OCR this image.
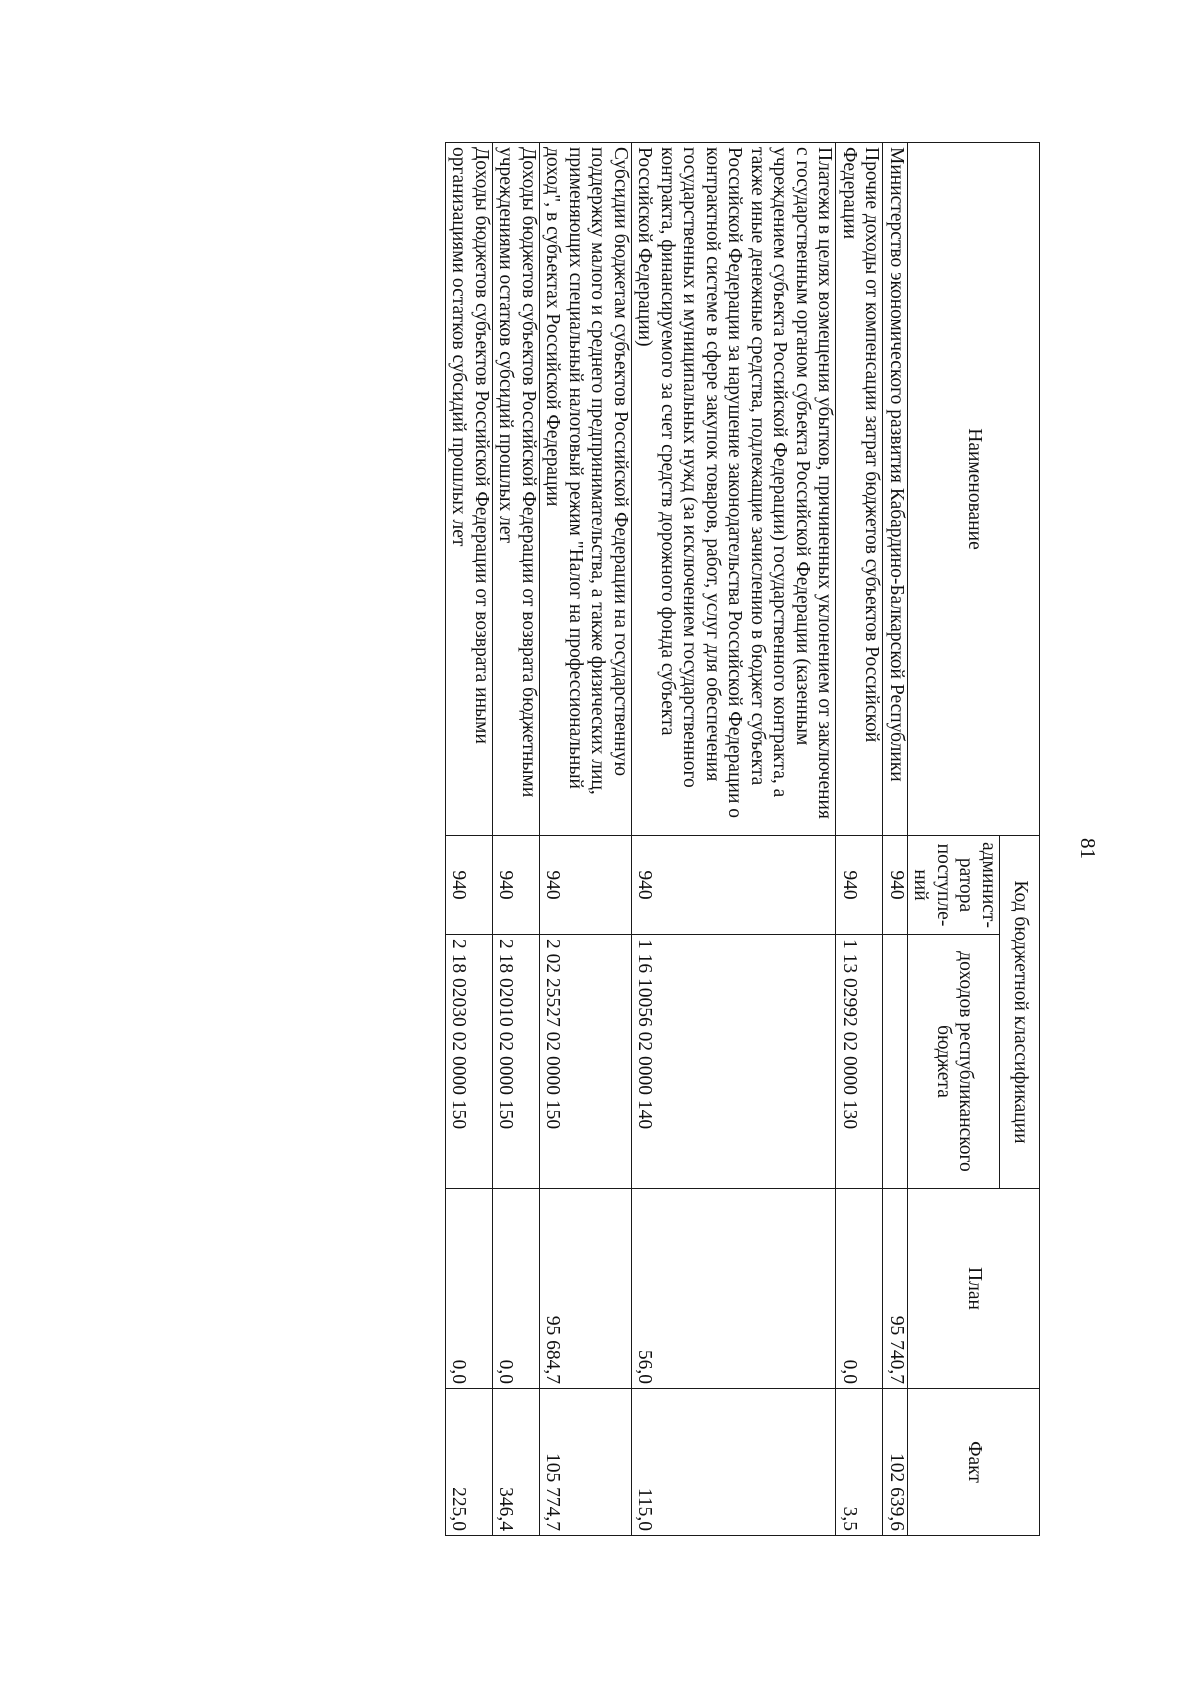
81
Наименование	Код бюджетной классификации		План	Факт
	админист-ратора поступле-ний	доходов республиканского бюджета		
Министерство экономического развития Кабардино-Балкарской Республики	940		95 740,7	102 639,6
Прочие доходы от компенсации затрат бюджетов субъектов Российской Федерации	940	1 13 02992 02 0000 130	0,0	3,5
Платежи в целях возмещения убытков, причиненных уклонением от заключения с государственным органом субъекта Российской Федерации (казенным учреждением субъекта Российской Федерации) государственного контракта, а также иные денежные средства, подлежащие зачислению в бюджет субъекта Российской Федерации за нарушение законодательства Российской Федерации о контрактной системе в сфере закупок товаров, работ, услуг для обеспечения государственных и муниципальных нужд (за исключением государственного контракта, финансируемого за счет средств дорожного фонда субъекта Российской Федерации)	940	1 16 10056 02 0000 140	56,0	115,0
Субсидии бюджетам субъектов Российской Федерации на государственную поддержку малого и среднего предпринимательства, а также физических лиц, применяющих специальный налоговый режим "Налог на профессиональный доход", в субъектах Российской Федерации	940	2 02 25527 02 0000 150	95 684,7	105 774,7
Доходы бюджетов субъектов Российской Федерации от возврата бюджетными учреждениями остатков субсидий прошлых лет	940	2 18 02010 02 0000 150	0,0	346,4
Доходы бюджетов субъектов Российской Федерации от возврата иными организациями остатков субсидий прошлых лет	940	2 18 02030 02 0000 150	0,0	225,0
